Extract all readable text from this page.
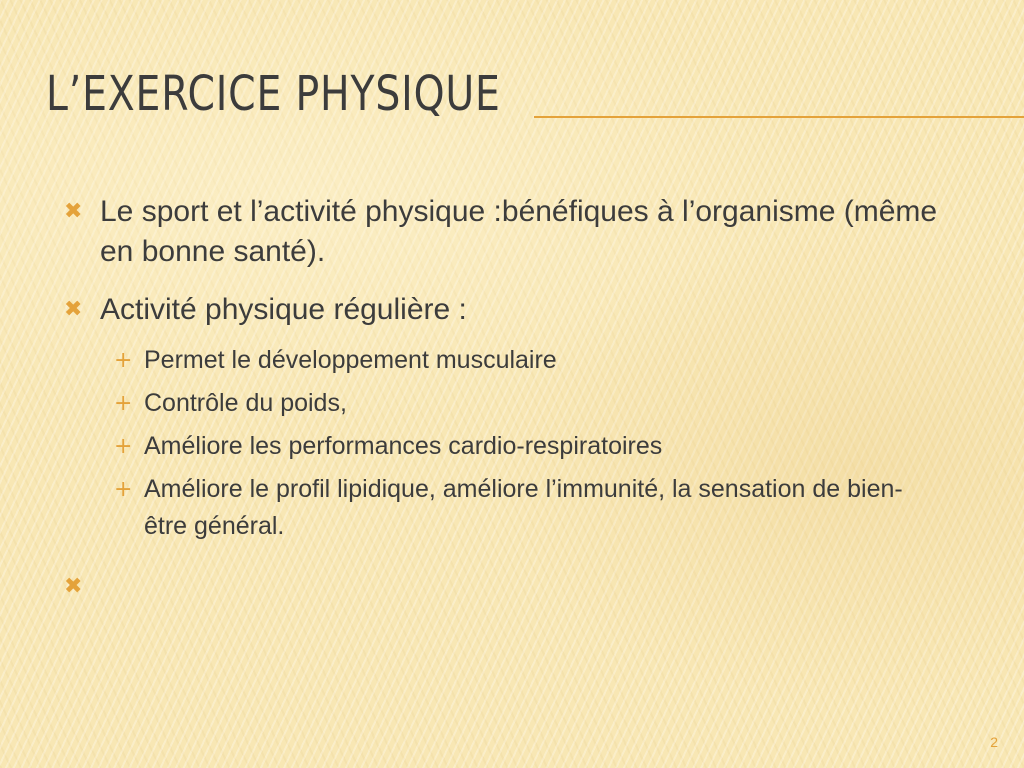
L’EXERCICE PHYSIQUE
✖ Le sport et l’activité physique :bénéfiques à l’organisme (même en bonne santé).
✖ Activité physique régulière :
+ Permet le développement musculaire
+ Contrôle du poids,
+ Améliore les performances cardio-respiratoires
+ Améliore le profil lipidique, améliore l’immunité, la sensation de bien-être général.
✖
2
